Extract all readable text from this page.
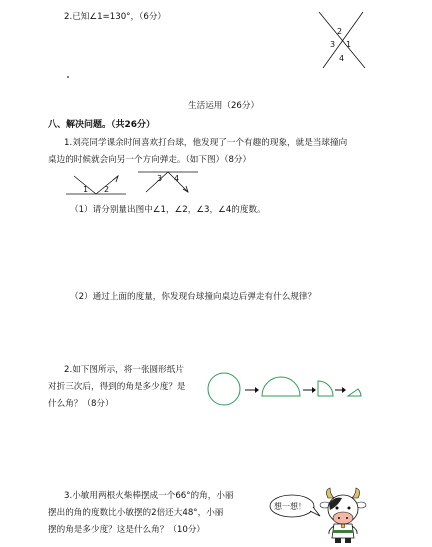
2.已知∠1=130°，（6分）
2
3 1
4
生活运用（26分）
八、解决问题。（共26分）
1.刘亮同学课余时间喜欢打台球，他发现了一个有趣的现象，就是当球撞向
桌边的时候就会向另一个方向弹走。（如下图）（8分）
1 2
3 4
（1）请分别量出图中∠1，∠2，∠3，∠4的度数。
（2）通过上面的度量，你发现台球撞向桌边后弹走有什么规律？
2.如下图所示，将一张圆形纸片
对折三次后，得到的角是多少度？是
什么角？（8分）
3.小敏用两根火柴棒摆成一个66°的角，小丽
摆出的角的度数比小敏摆的2倍还大48°，小丽
摆的角是多少度？这是什么角？（10分）
想一想！
